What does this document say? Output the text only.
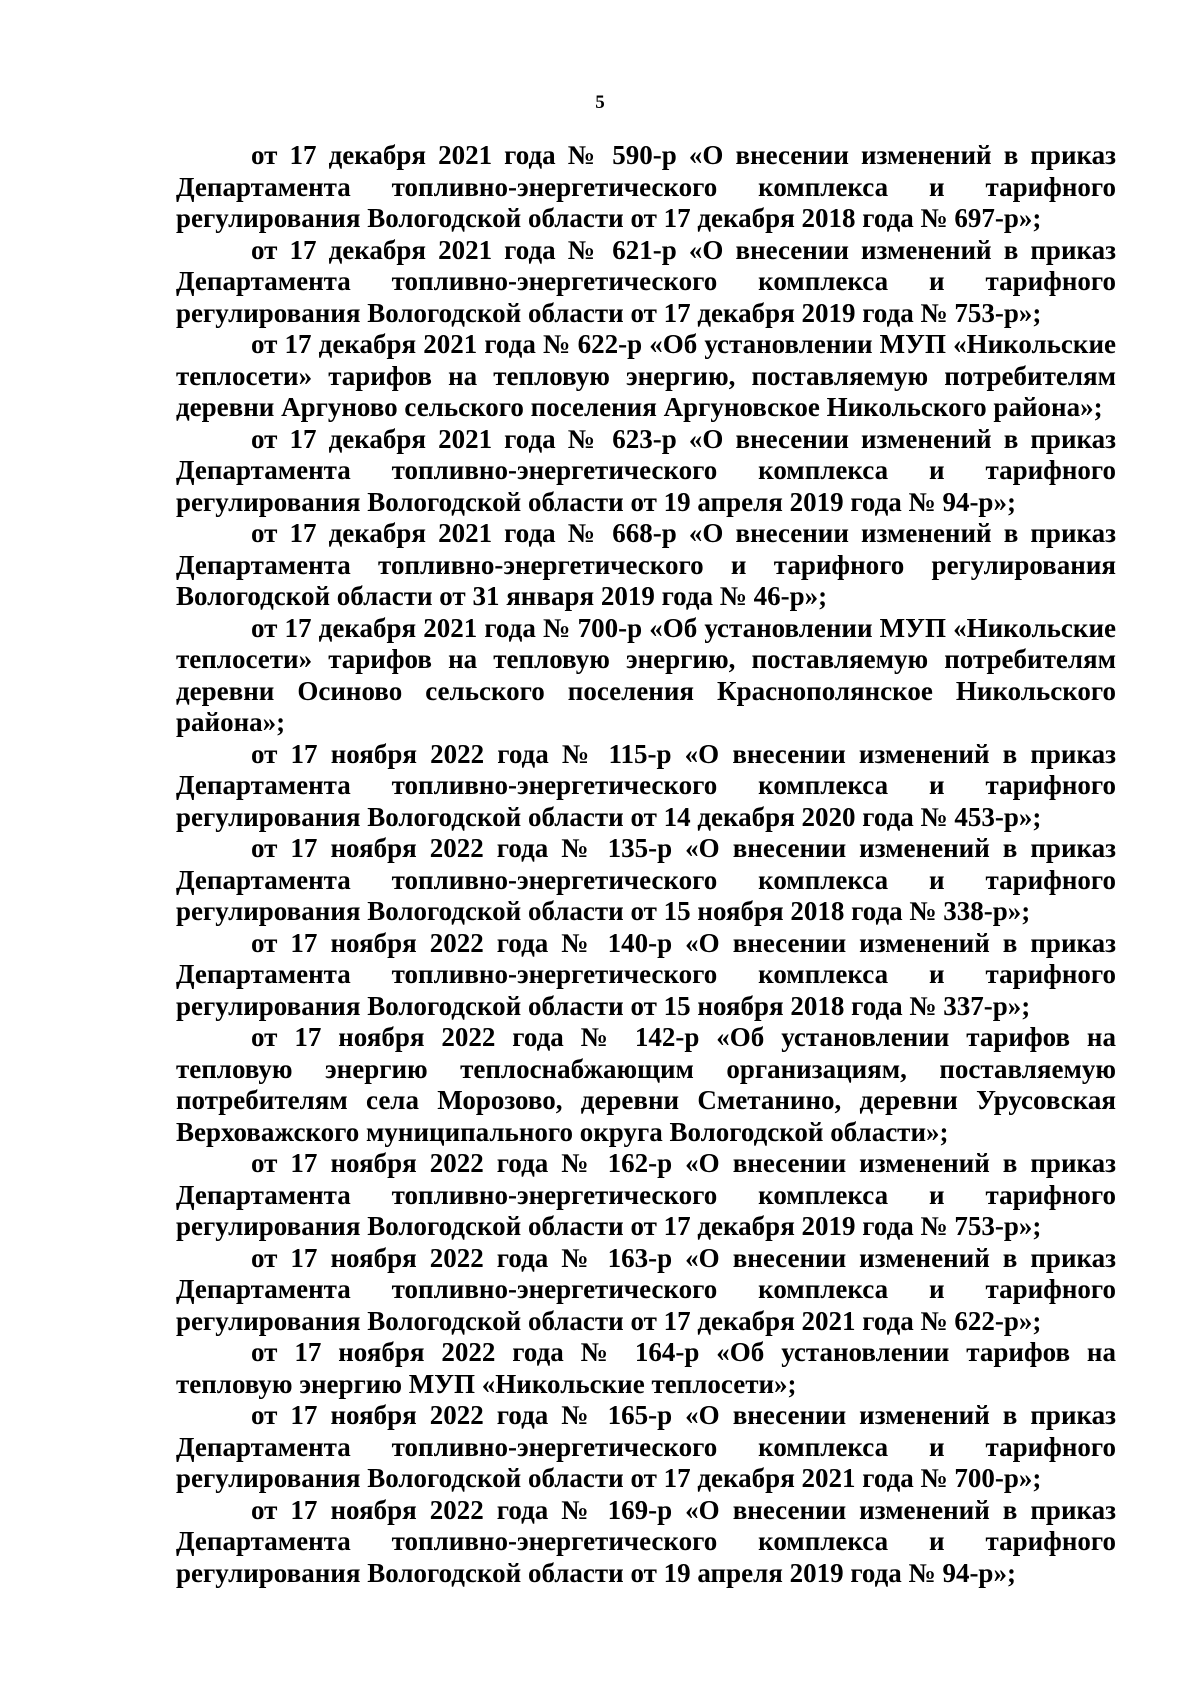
5

от 17 декабря 2021 года № 590-р «О внесении изменений в приказ Департамента топливно-энергетического комплекса и тарифного регулирования Вологодской области от 17 декабря 2018 года № 697-р»;

от 17 декабря 2021 года № 621-р «О внесении изменений в приказ Департамента топливно-энергетического комплекса и тарифного регулирования Вологодской области от 17 декабря 2019 года № 753-р»;

от 17 декабря 2021 года № 622-р «Об установлении МУП «Никольские теплосети» тарифов на тепловую энергию, поставляемую потребителям деревни Аргуново сельского поселения Аргуновское Никольского района»;

от 17 декабря 2021 года № 623-р «О внесении изменений в приказ Департамента топливно-энергетического комплекса и тарифного регулирования Вологодской области от 19 апреля 2019 года № 94-р»;

от 17 декабря 2021 года № 668-р «О внесении изменений в приказ Департамента топливно-энергетического и тарифного регулирования Вологодской области от 31 января 2019 года № 46-р»;

от 17 декабря 2021 года № 700-р «Об установлении МУП «Никольские теплосети» тарифов на тепловую энергию, поставляемую потребителям деревни Осиново сельского поселения Краснополянское Никольского района»;

от 17 ноября 2022 года № 115-р «О внесении изменений в приказ Департамента топливно-энергетического комплекса и тарифного регулирования Вологодской области от 14 декабря 2020 года № 453-р»;

от 17 ноября 2022 года № 135-р «О внесении изменений в приказ Департамента топливно-энергетического комплекса и тарифного регулирования Вологодской области от 15 ноября 2018 года № 338-р»;

от 17 ноября 2022 года № 140-р «О внесении изменений в приказ Департамента топливно-энергетического комплекса и тарифного регулирования Вологодской области от 15 ноября 2018 года № 337-р»;

от 17 ноября 2022 года № 142-р «Об установлении тарифов на тепловую энергию теплоснабжающим организациям, поставляемую потребителям села Морозово, деревни Сметанино, деревни Урусовская Верховажского муниципального округа Вологодской области»;

от 17 ноября 2022 года № 162-р «О внесении изменений в приказ Департамента топливно-энергетического комплекса и тарифного регулирования Вологодской области от 17 декабря 2019 года № 753-р»;

от 17 ноября 2022 года № 163-р «О внесении изменений в приказ Департамента топливно-энергетического комплекса и тарифного регулирования Вологодской области от 17 декабря 2021 года № 622-р»;

от 17 ноября 2022 года № 164-р «Об установлении тарифов на тепловую энергию МУП «Никольские теплосети»;

от 17 ноября 2022 года № 165-р «О внесении изменений в приказ Департамента топливно-энергетического комплекса и тарифного регулирования Вологодской области от 17 декабря 2021 года № 700-р»;

от 17 ноября 2022 года № 169-р «О внесении изменений в приказ Департамента топливно-энергетического комплекса и тарифного регулирования Вологодской области от 19 апреля 2019 года № 94-р»;
